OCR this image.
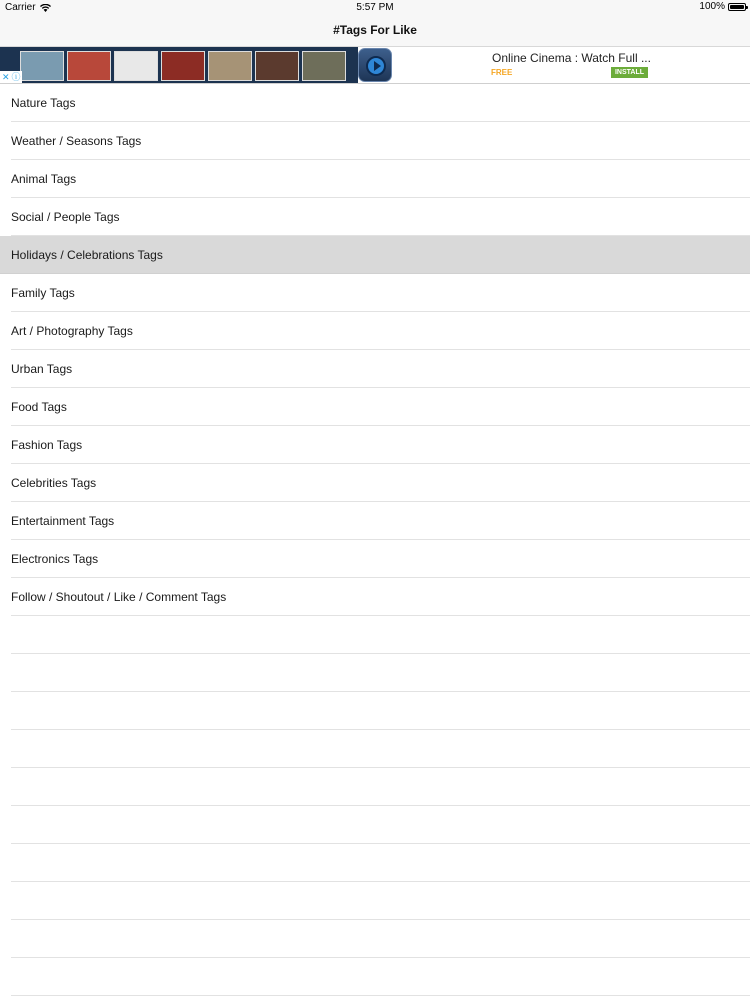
Carrier	5:57 PM	100%
#Tags For Like
✕ ⓘ
Online Cinema : Watch Full ...
FREE	INSTALL
Nature Tags
Weather / Seasons Tags
Animal Tags
Social / People Tags
Holidays / Celebrations Tags
Family Tags
Art / Photography Tags
Urban Tags
Food Tags
Fashion Tags
Celebrities Tags
Entertainment Tags
Electronics Tags
Follow / Shoutout / Like / Comment Tags
